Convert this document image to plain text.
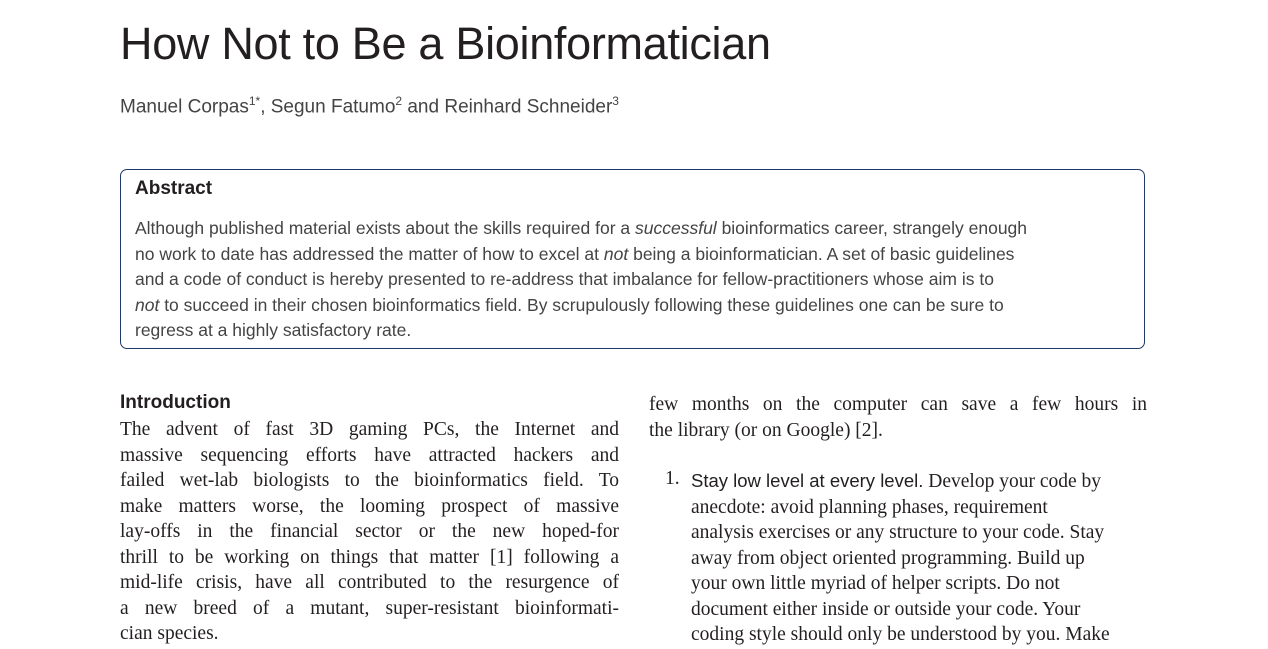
How Not to Be a Bioinformatician
Manuel Corpas$^{1*}$, Segun Fatumo$^2$ and Reinhard Schneider$^3$
Abstract
Although published material exists about the skills required for a successful bioinformatics career, strangely enough
no work to date has addressed the matter of how to excel at not being a bioinformatician. A set of basic guidelines
and a code of conduct is hereby presented to re-address that imbalance for fellow-practitioners whose aim is to
not to succeed in their chosen bioinformatics field. By scrupulously following these guidelines one can be sure to
regress at a highly satisfactory rate.
Introduction
The advent of fast 3D gaming PCs, the Internet and
massive sequencing efforts have attracted hackers and
failed wet-lab biologists to the bioinformatics field. To
make matters worse, the looming prospect of massive
lay-offs in the financial sector or the new hoped-for
thrill to be working on things that matter [1] following a
mid-life crisis, have all contributed to the resurgence of
a new breed of a mutant, super-resistant bioinformati-
cian species.
few months on the computer can save a few hours in
the library (or on Google) [2].
1. Stay low level at every level. Develop your code by
anecdote: avoid planning phases, requirement
analysis exercises or any structure to your code. Stay
away from object oriented programming. Build up
your own little myriad of helper scripts. Do not
document either inside or outside your code. Your
coding style should only be understood by you. Make
